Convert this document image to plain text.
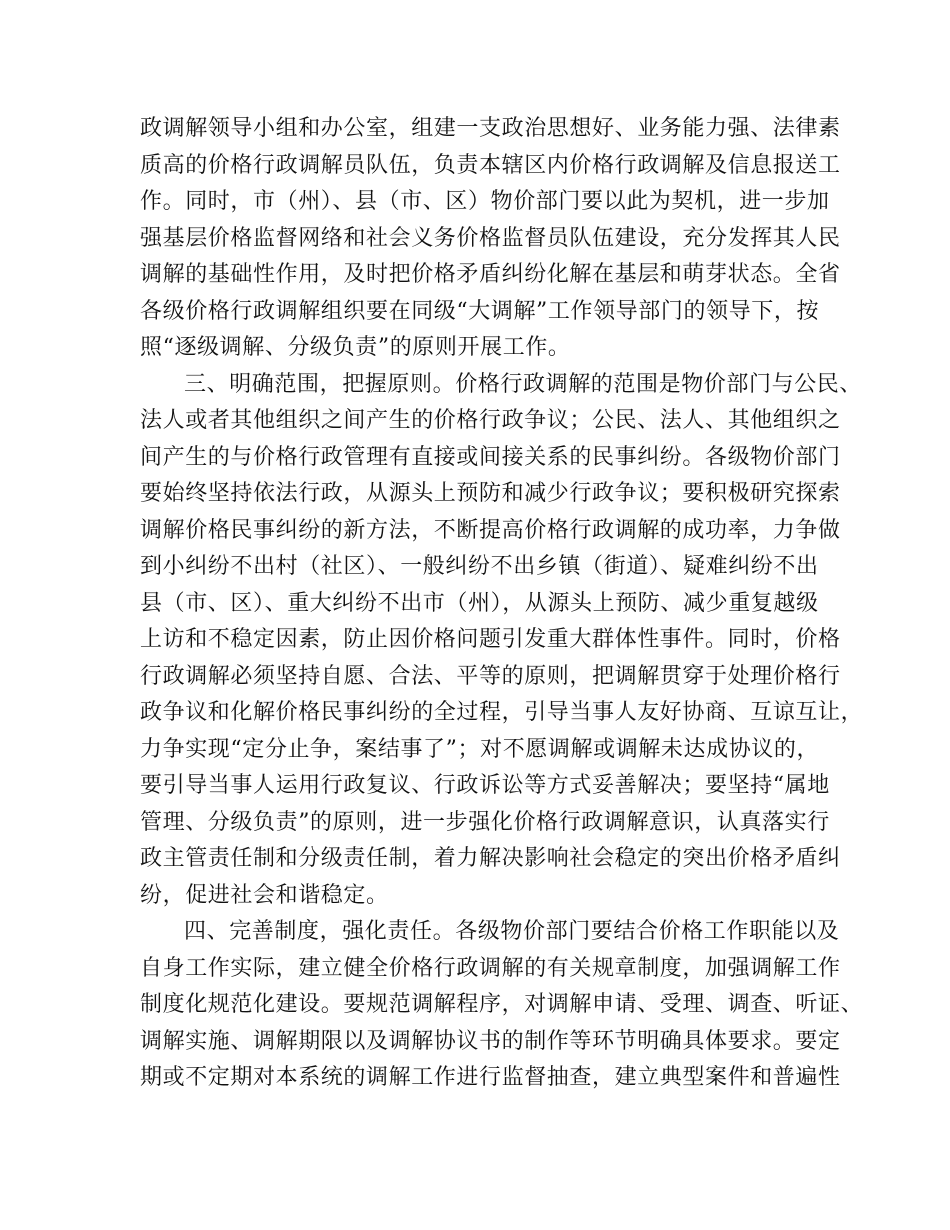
政调解领导小组和办公室，组建一支政治思想好、业务能力强、法律素
质高的价格行政调解员队伍，负责本辖区内价格行政调解及信息报送工
作。同时，市（州）、县（市、区）物价部门要以此为契机，进一步加
强基层价格监督网络和社会义务价格监督员队伍建设，充分发挥其人民
调解的基础性作用，及时把价格矛盾纠纷化解在基层和萌芽状态。全省
各级价格行政调解组织要在同级“大调解”工作领导部门的领导下，按
照“逐级调解、分级负责”的原则开展工作。
三、明确范围，把握原则。价格行政调解的范围是物价部门与公民、
法人或者其他组织之间产生的价格行政争议；公民、法人、其他组织之
间产生的与价格行政管理有直接或间接关系的民事纠纷。各级物价部门
要始终坚持依法行政，从源头上预防和减少行政争议；要积极研究探索
调解价格民事纠纷的新方法，不断提高价格行政调解的成功率，力争做
到小纠纷不出村（社区）、一般纠纷不出乡镇（街道）、疑难纠纷不出
县（市、区）、重大纠纷不出市（州），从源头上预防、减少重复越级
上访和不稳定因素，防止因价格问题引发重大群体性事件。同时，价格
行政调解必须坚持自愿、合法、平等的原则，把调解贯穿于处理价格行
政争议和化解价格民事纠纷的全过程，引导当事人友好协商、互谅互让，
力争实现“定分止争，案结事了”；对不愿调解或调解未达成协议的，
要引导当事人运用行政复议、行政诉讼等方式妥善解决；要坚持“属地
管理、分级负责”的原则，进一步强化价格行政调解意识，认真落实行
政主管责任制和分级责任制，着力解决影响社会稳定的突出价格矛盾纠
纷，促进社会和谐稳定。
四、完善制度，强化责任。各级物价部门要结合价格工作职能以及
自身工作实际，建立健全价格行政调解的有关规章制度，加强调解工作
制度化规范化建设。要规范调解程序，对调解申请、受理、调查、听证、
调解实施、调解期限以及调解协议书的制作等环节明确具体要求。要定
期或不定期对本系统的调解工作进行监督抽查，建立典型案件和普遍性
